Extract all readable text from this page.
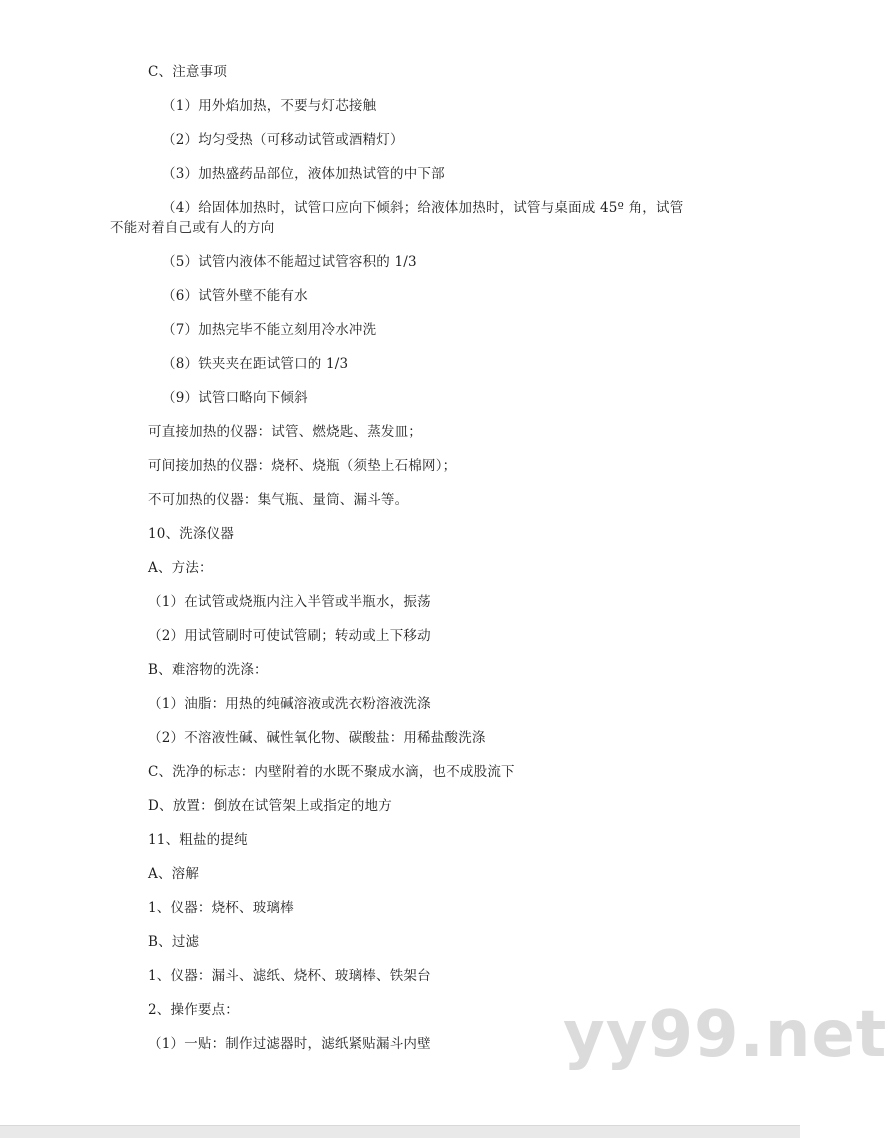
C、注意事项
（1）用外焰加热，不要与灯芯接触
（2）均匀受热（可移动试管或酒精灯）
（3）加热盛药品部位，液体加热试管的中下部
（4）给固体加热时，试管口应向下倾斜；给液体加热时，试管与桌面成 45º 角，试管
不能对着自己或有人的方向
（5）试管内液体不能超过试管容积的 1/3
（6）试管外壁不能有水
（7）加热完毕不能立刻用冷水冲洗
（8）铁夹夹在距试管口的 1/3
（9）试管口略向下倾斜
可直接加热的仪器：试管、燃烧匙、蒸发皿；
可间接加热的仪器：烧杯、烧瓶（须垫上石棉网）；
不可加热的仪器：集气瓶、量筒、漏斗等。
10、洗涤仪器
A、方法：
（1）在试管或烧瓶内注入半管或半瓶水，振荡
（2）用试管刷时可使试管刷；转动或上下移动
B、难溶物的洗涤：
（1）油脂：用热的纯碱溶液或洗衣粉溶液洗涤
（2）不溶液性碱、碱性氧化物、碳酸盐：用稀盐酸洗涤
C、洗净的标志：内壁附着的水既不聚成水滴，也不成股流下
D、放置：倒放在试管架上或指定的地方
11、粗盐的提纯
A、溶解
1、仪器：烧杯、玻璃棒
B、过滤
1、仪器：漏斗、滤纸、烧杯、玻璃棒、铁架台
2、操作要点：
（1）一贴：制作过滤器时，滤纸紧贴漏斗内壁 yy99.net
